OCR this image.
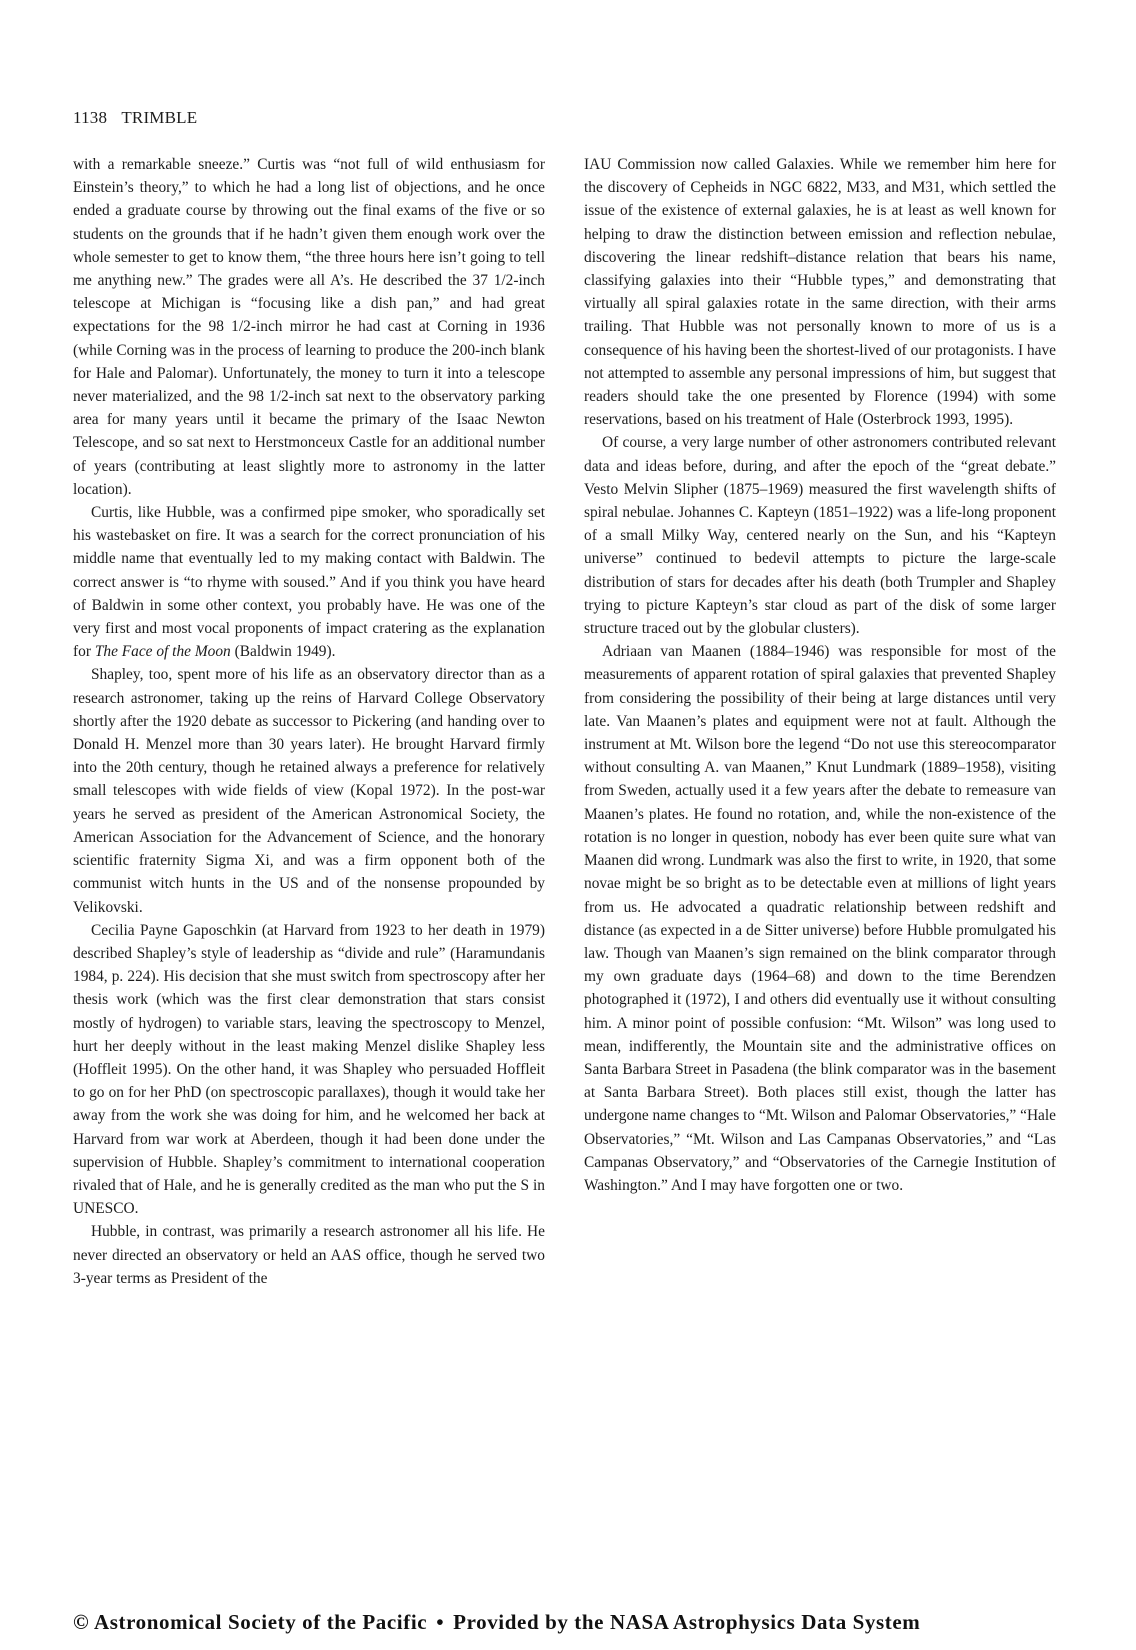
1138 TRIMBLE

with a remarkable sneeze.” Curtis was “not full of wild enthusiasm for Einstein’s theory,” to which he had a long list of objections, and he once ended a graduate course by throwing out the final exams of the five or so students on the grounds that if he hadn’t given them enough work over the whole semester to get to know them, “the three hours here isn’t going to tell me anything new.” The grades were all A’s. He described the 37 1/2-inch telescope at Michigan is “focusing like a dish pan,” and had great expectations for the 98 1/2-inch mirror he had cast at Corning in 1936 (while Corning was in the process of learning to produce the 200-inch blank for Hale and Palomar). Unfortunately, the money to turn it into a telescope never materialized, and the 98 1/2-inch sat next to the observatory parking area for many years until it became the primary of the Isaac Newton Telescope, and so sat next to Herstmonceux Castle for an additional number of years (contributing at least slightly more to astronomy in the latter location).

Curtis, like Hubble, was a confirmed pipe smoker, who sporadically set his wastebasket on fire. It was a search for the correct pronunciation of his middle name that eventually led to my making contact with Baldwin. The correct answer is “to rhyme with soused.” And if you think you have heard of Baldwin in some other context, you probably have. He was one of the very first and most vocal proponents of impact cratering as the explanation for The Face of the Moon (Baldwin 1949).

Shapley, too, spent more of his life as an observatory director than as a research astronomer, taking up the reins of Harvard College Observatory shortly after the 1920 debate as successor to Pickering (and handing over to Donald H. Menzel more than 30 years later). He brought Harvard firmly into the 20th century, though he retained always a preference for relatively small telescopes with wide fields of view (Kopal 1972). In the post-war years he served as president of the American Astronomical Society, the American Association for the Advancement of Science, and the honorary scientific fraternity Sigma Xi, and was a firm opponent both of the communist witch hunts in the US and of the nonsense propounded by Velikovski.

Cecilia Payne Gaposchkin (at Harvard from 1923 to her death in 1979) described Shapley’s style of leadership as “divide and rule” (Haramundanis 1984, p. 224). His decision that she must switch from spectroscopy after her thesis work (which was the first clear demonstration that stars consist mostly of hydrogen) to variable stars, leaving the spectroscopy to Menzel, hurt her deeply without in the least making Menzel dislike Shapley less (Hoffleit 1995). On the other hand, it was Shapley who persuaded Hoffleit to go on for her PhD (on spectroscopic parallaxes), though it would take her away from the work she was doing for him, and he welcomed her back at Harvard from war work at Aberdeen, though it had been done under the supervision of Hubble. Shapley’s commitment to international cooperation rivaled that of Hale, and he is generally credited as the man who put the S in UNESCO.

Hubble, in contrast, was primarily a research astronomer all his life. He never directed an observatory or held an AAS office, though he served two 3-year terms as President of the

IAU Commission now called Galaxies. While we remember him here for the discovery of Cepheids in NGC 6822, M33, and M31, which settled the issue of the existence of external galaxies, he is at least as well known for helping to draw the distinction between emission and reflection nebulae, discovering the linear redshift–distance relation that bears his name, classifying galaxies into their “Hubble types,” and demonstrating that virtually all spiral galaxies rotate in the same direction, with their arms trailing. That Hubble was not personally known to more of us is a consequence of his having been the shortest-lived of our protagonists. I have not attempted to assemble any personal impressions of him, but suggest that readers should take the one presented by Florence (1994) with some reservations, based on his treatment of Hale (Osterbrock 1993, 1995).

Of course, a very large number of other astronomers contributed relevant data and ideas before, during, and after the epoch of the “great debate.” Vesto Melvin Slipher (1875–1969) measured the first wavelength shifts of spiral nebulae. Johannes C. Kapteyn (1851–1922) was a life-long proponent of a small Milky Way, centered nearly on the Sun, and his “Kapteyn universe” continued to bedevil attempts to picture the large-scale distribution of stars for decades after his death (both Trumpler and Shapley trying to picture Kapteyn’s star cloud as part of the disk of some larger structure traced out by the globular clusters).

Adriaan van Maanen (1884–1946) was responsible for most of the measurements of apparent rotation of spiral galaxies that prevented Shapley from considering the possibility of their being at large distances until very late. Van Maanen’s plates and equipment were not at fault. Although the instrument at Mt. Wilson bore the legend “Do not use this stereocomparator without consulting A. van Maanen,” Knut Lundmark (1889–1958), visiting from Sweden, actually used it a few years after the debate to remeasure van Maanen’s plates. He found no rotation, and, while the non-existence of the rotation is no longer in question, nobody has ever been quite sure what van Maanen did wrong. Lundmark was also the first to write, in 1920, that some novae might be so bright as to be detectable even at millions of light years from us. He advocated a quadratic relationship between redshift and distance (as expected in a de Sitter universe) before Hubble promulgated his law. Though van Maanen’s sign remained on the blink comparator through my own graduate days (1964–68) and down to the time Berendzen photographed it (1972), I and others did eventually use it without consulting him. A minor point of possible confusion: “Mt. Wilson” was long used to mean, indifferently, the Mountain site and the administrative offices on Santa Barbara Street in Pasadena (the blink comparator was in the basement at Santa Barbara Street). Both places still exist, though the latter has undergone name changes to “Mt. Wilson and Palomar Observatories,” “Hale Observatories,” “Mt. Wilson and Las Campanas Observatories,” and “Las Campanas Observatory,” and “Observatories of the Carnegie Institution of Washington.” And I may have forgotten one or two.

© Astronomical Society of the Pacific • Provided by the NASA Astrophysics Data System
